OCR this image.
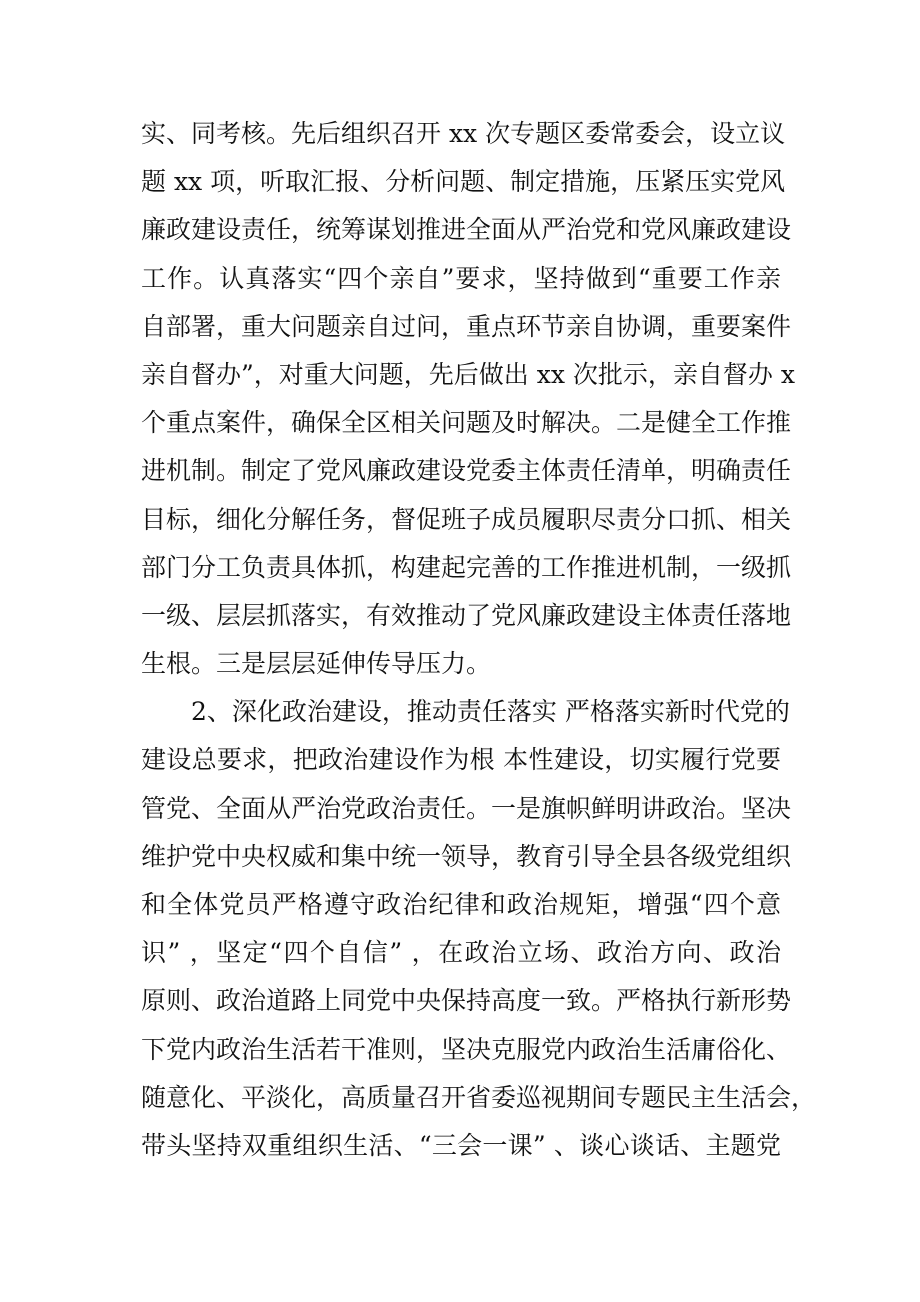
实、同考核。先后组织召开 xx 次专题区委常委会，设立议
题 xx 项，听取汇报、分析问题、制定措施，压紧压实党风
廉政建设责任，统筹谋划推进全面从严治党和党风廉政建设
工作。认真落实“四个亲自”要求，坚持做到“重要工作亲
自部署，重大问题亲自过问，重点环节亲自协调，重要案件
亲自督办”，对重大问题，先后做出 xx 次批示，亲自督办 x
个重点案件，确保全区相关问题及时解决。二是健全工作推
进机制。制定了党风廉政建设党委主体责任清单，明确责任
目标，细化分解任务，督促班子成员履职尽责分口抓、相关
部门分工负责具体抓，构建起完善的工作推进机制，一级抓
一级、层层抓落实，有效推动了党风廉政建设主体责任落地
生根。三是层层延伸传导压力。
2、深化政治建设，推动责任落实 严格落实新时代党的
建设总要求，把政治建设作为根 本性建设，切实履行党要
管党、全面从严治党政治责任。一是旗帜鲜明讲政治。坚决
维护党中央权威和集中统一领导，教育引导全县各级党组织
和全体党员严格遵守政治纪律和政治规矩，增强“四个意
识” ，坚定“四个自信” ，在政治立场、政治方向、政治
原则、政治道路上同党中央保持高度一致。严格执行新形势
下党内政治生活若干准则，坚决克服党内政治生活庸俗化、
随意化、平淡化，高质量召开省委巡视期间专题民主生活会，
带头坚持双重组织生活、“三会一课” 、谈心谈话、主题党
